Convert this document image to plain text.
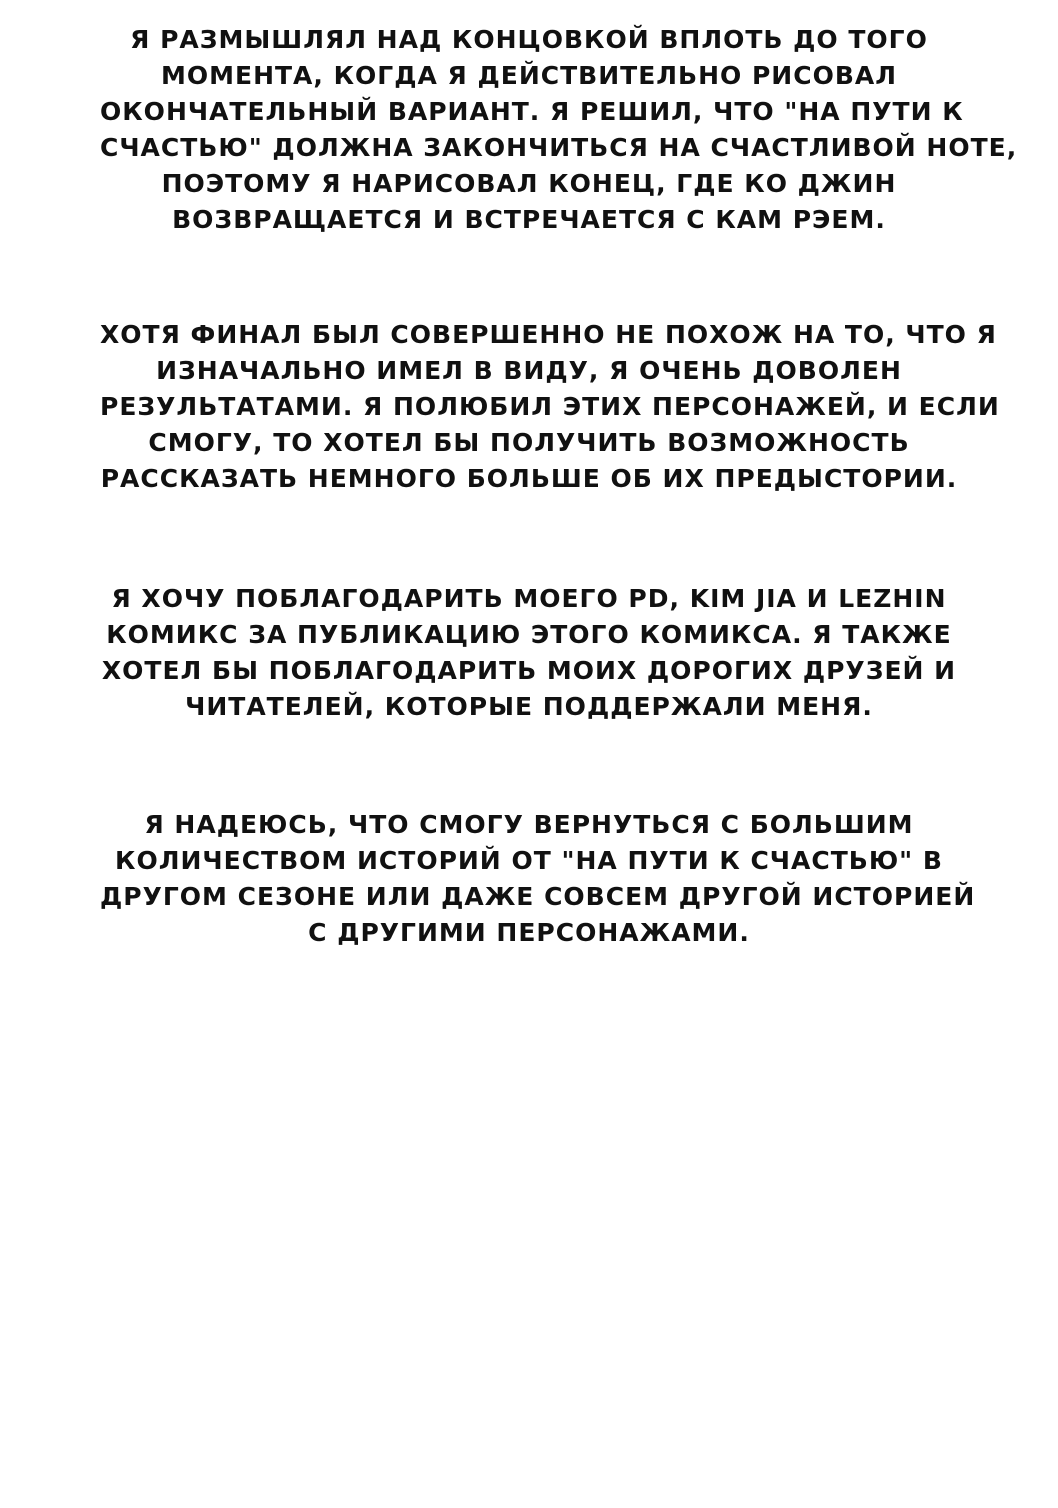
Я РАЗМЫШЛЯЛ НАД КОНЦОВКОЙ ВПЛОТЬ ДО ТОГО
МОМЕНТА, КОГДА Я ДЕЙСТВИТЕЛЬНО РИСОВАЛ
ОКОНЧАТЕЛЬНЫЙ ВАРИАНТ. Я РЕШИЛ, ЧТО "НА ПУТИ К
СЧАСТЬЮ" ДОЛЖНА ЗАКОНЧИТЬСЯ НА СЧАСТЛИВОЙ НОТЕ,
ПОЭТОМУ Я НАРИСОВАЛ КОНЕЦ, ГДЕ КО ДЖИН
ВОЗВРАЩАЕТСЯ И ВСТРЕЧАЕТСЯ С КАМ РЭЕМ.
ХОТЯ ФИНАЛ БЫЛ СОВЕРШЕННО НЕ ПОХОЖ НА ТО, ЧТО Я
ИЗНАЧАЛЬНО ИМЕЛ В ВИДУ, Я ОЧЕНЬ ДОВОЛЕН
РЕЗУЛЬТАТАМИ. Я ПОЛЮБИЛ ЭТИХ ПЕРСОНАЖЕЙ, И ЕСЛИ
СМОГУ, ТО ХОТЕЛ БЫ ПОЛУЧИТЬ ВОЗМОЖНОСТЬ
РАССКАЗАТЬ НЕМНОГО БОЛЬШЕ ОБ ИХ ПРЕДЫСТОРИИ.
Я ХОЧУ ПОБЛАГОДАРИТЬ МОЕГО PD, KIM JIA И LEZHIN
КОМИКС ЗА ПУБЛИКАЦИЮ ЭТОГО КОМИКСА. Я ТАКЖЕ
ХОТЕЛ БЫ ПОБЛАГОДАРИТЬ МОИХ ДОРОГИХ ДРУЗЕЙ И
ЧИТАТЕЛЕЙ, КОТОРЫЕ ПОДДЕРЖАЛИ МЕНЯ.
Я НАДЕЮСЬ, ЧТО СМОГУ ВЕРНУТЬСЯ С БОЛЬШИМ
КОЛИЧЕСТВОМ ИСТОРИЙ ОТ "НА ПУТИ К СЧАСТЬЮ" В
ДРУГОМ СЕЗОНЕ ИЛИ ДАЖЕ СОВСЕМ ДРУГОЙ ИСТОРИЕЙ
С ДРУГИМИ ПЕРСОНАЖАМИ.
